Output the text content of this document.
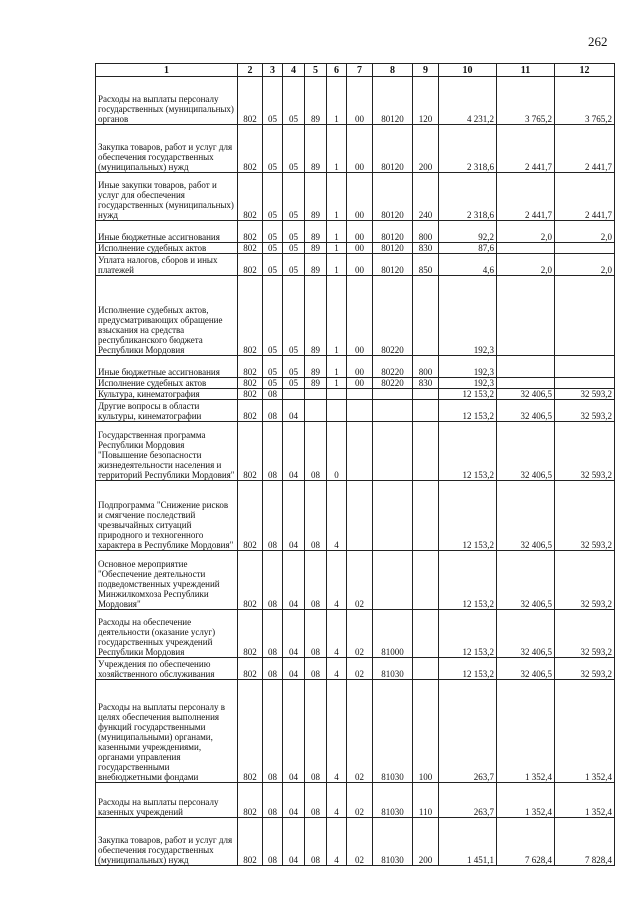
262
1	2	3	4	5	6	7	8	9	10	11	12
Расходы на выплаты персоналу государственных (муниципальных) органов	802	05	05	89	1	00	80120	120	4 231,2	3 765,2	3 765,2
Закупка товаров, работ и услуг для обеспечения государственных (муниципальных) нужд	802	05	05	89	1	00	80120	200	2 318,6	2 441,7	2 441,7
Иные закупки товаров, работ и услуг для обеспечения государственных (муниципальных) нужд	802	05	05	89	1	00	80120	240	2 318,6	2 441,7	2 441,7
Иные бюджетные ассигнования	802	05	05	89	1	00	80120	800	92,2	2,0	2,0
Исполнение судебных актов	802	05	05	89	1	00	80120	830	87,6		
Уплата налогов, сборов и иных платежей	802	05	05	89	1	00	80120	850	4,6	2,0	2,0
Исполнение судебных актов, предусматривающих обращение взыскания на средства республиканского бюджета Республики Мордовия	802	05	05	89	1	00	80220		192,3		
Иные бюджетные ассигнования	802	05	05	89	1	00	80220	800	192,3		
Исполнение судебных актов	802	05	05	89	1	00	80220	830	192,3		
Культура, кинематография	802	08							12 153,2	32 406,5	32 593,2
Другие вопросы в области культуры, кинематографии	802	08	04						12 153,2	32 406,5	32 593,2
Государственная программа Республики Мордовия "Повышение безопасности жизнедеятельности населения и территорий Республики Мордовия"	802	08	04	08	0				12 153,2	32 406,5	32 593,2
Подпрограмма "Снижение рисков и смягчение последствий чрезвычайных ситуаций природного и техногенного характера в Республике Мордовия"	802	08	04	08	4				12 153,2	32 406,5	32 593,2
Основное мероприятие "Обеспечение деятельности подведомственных учреждений Минжилкомхоза Республики Мордовия"	802	08	04	08	4	02			12 153,2	32 406,5	32 593,2
Расходы на обеспечение деятельности (оказание услуг) государственных учреждений Республики Мордовия	802	08	04	08	4	02	81000		12 153,2	32 406,5	32 593,2
Учреждения по обеспечению хозяйственного обслуживания	802	08	04	08	4	02	81030		12 153,2	32 406,5	32 593,2
Расходы на выплаты персоналу в целях обеспечения выполнения функций государственными (муниципальными) органами, казенными учреждениями, органами управления государственными внебюджетными фондами	802	08	04	08	4	02	81030	100	263,7	1 352,4	1 352,4
Расходы на выплаты персоналу казенных учреждений	802	08	04	08	4	02	81030	110	263,7	1 352,4	1 352,4
Закупка товаров, работ и услуг для обеспечения государственных (муниципальных) нужд	802	08	04	08	4	02	81030	200	1 451,1	7 628,4	7 828,4
